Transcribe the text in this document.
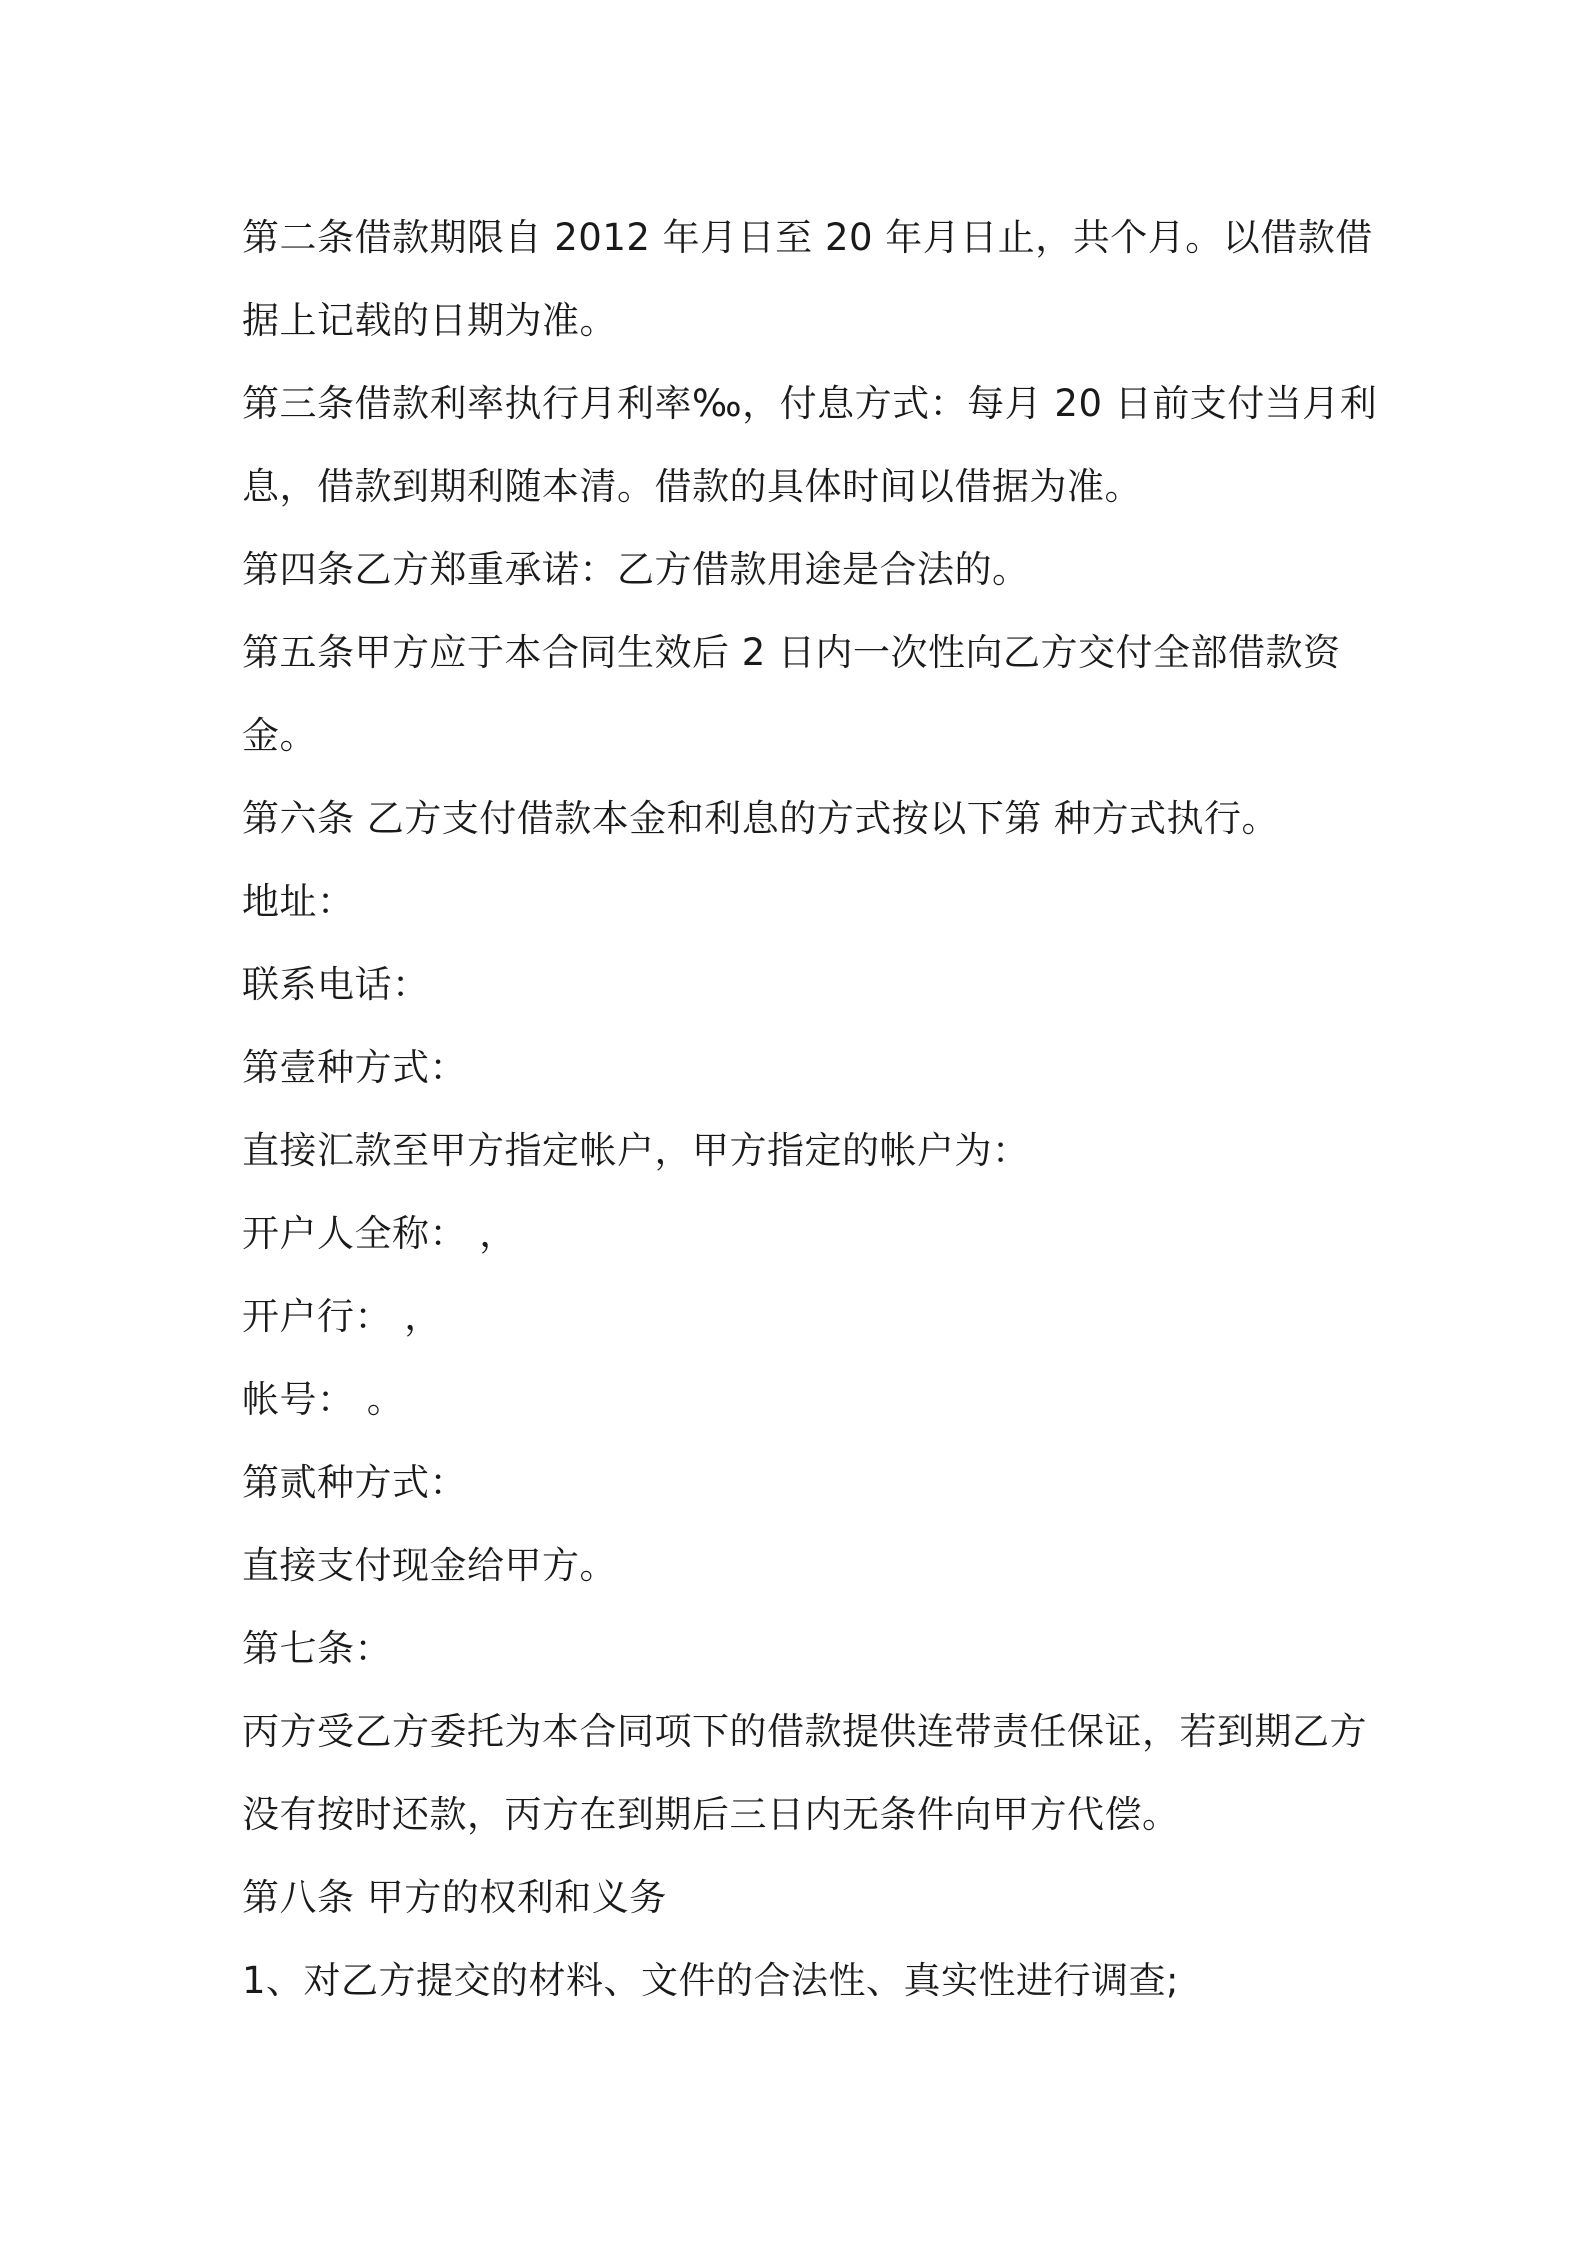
第二条借款期限自 2012 年月日至 20 年月日止，共个月。以借款借
据上记载的日期为准。
第三条借款利率执行月利率‰，付息方式：每月 20 日前支付当月利
息，借款到期利随本清。借款的具体时间以借据为准。
第四条乙方郑重承诺：乙方借款用途是合法的。
第五条甲方应于本合同生效后 2 日内一次性向乙方交付全部借款资
金。
第六条 乙方支付借款本金和利息的方式按以下第 种方式执行。
地址：
联系电话：
第壹种方式：
直接汇款至甲方指定帐户，甲方指定的帐户为：
开户人全称： ，
开户行： ，
帐号： 。
第贰种方式：
直接支付现金给甲方。
第七条：
丙方受乙方委托为本合同项下的借款提供连带责任保证，若到期乙方
没有按时还款，丙方在到期后三日内无条件向甲方代偿。
第八条 甲方的权利和义务
1、对乙方提交的材料、文件的合法性、真实性进行调查;
